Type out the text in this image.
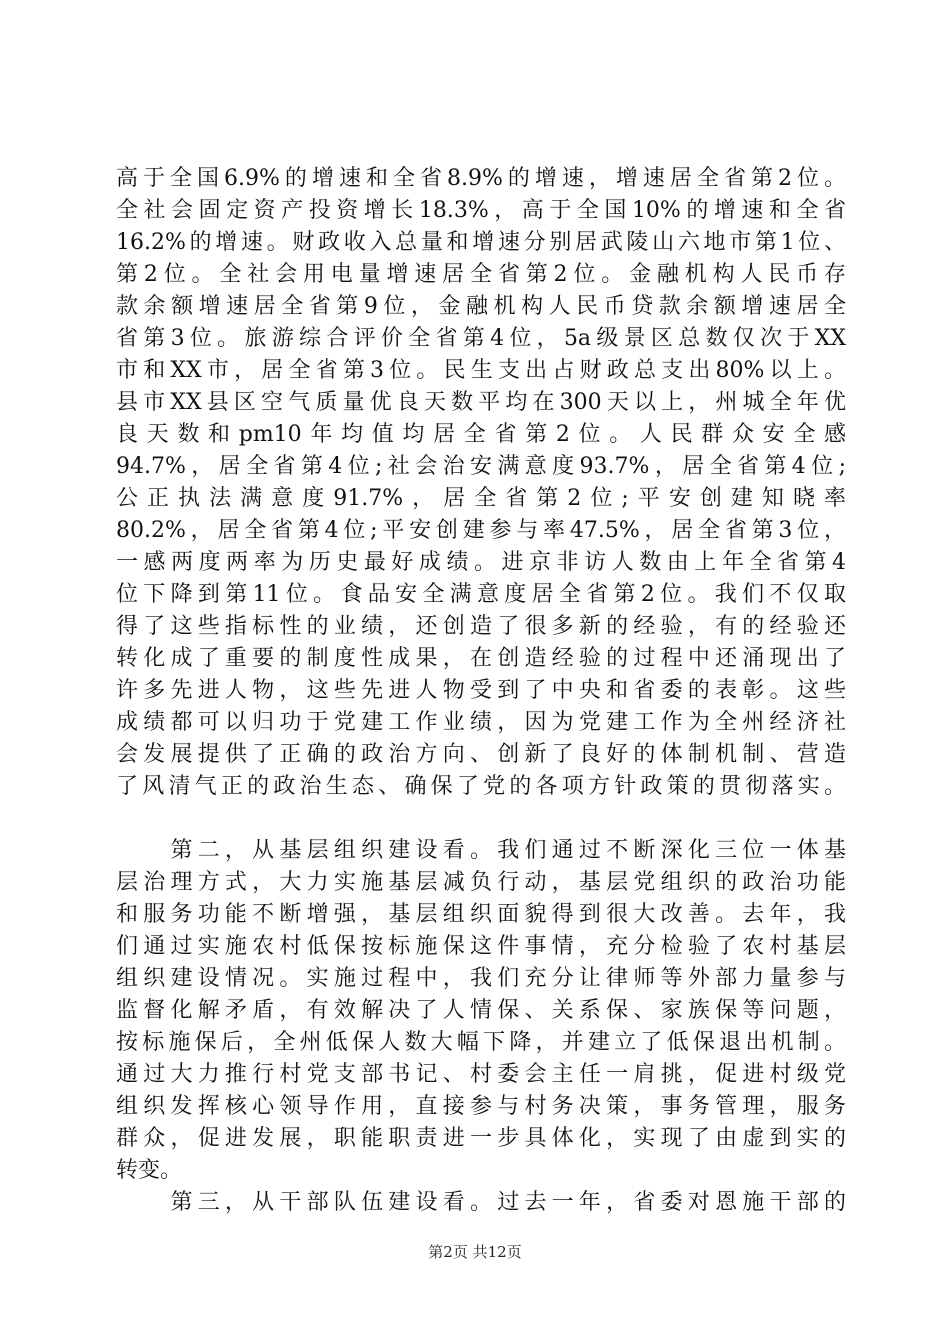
高于全国6.9%的增速和全省8.9%的增速，增速居全省第2位。
全社会固定资产投资增长18.3%，高于全国10%的增速和全省
16.2%的增速。财政收入总量和增速分别居武陵山六地市第1位、
第2位。全社会用电量增速居全省第2位。金融机构人民币存
款余额增速居全省第9位，金融机构人民币贷款余额增速居全
省第3位。旅游综合评价全省第4位，5a级景区总数仅次于XX
市和XX市，居全省第3位。民生支出占财政总支出80%以上。
县市XX县区空气质量优良天数平均在300天以上，州城全年优
良天数和pm10年均值均居全省第2位。人民群众安全感
94.7%，居全省第4位;社会治安满意度93.7%，居全省第4位;
公正执法满意度91.7%，居全省第2位;平安创建知晓率
80.2%，居全省第4位;平安创建参与率47.5%，居全省第3位，
一感两度两率为历史最好成绩。进京非访人数由上年全省第4
位下降到第11位。食品安全满意度居全省第2位。我们不仅取
得了这些指标性的业绩，还创造了很多新的经验，有的经验还
转化成了重要的制度性成果，在创造经验的过程中还涌现出了
许多先进人物，这些先进人物受到了中央和省委的表彰。这些
成绩都可以归功于党建工作业绩，因为党建工作为全州经济社
会发展提供了正确的政治方向、创新了良好的体制机制、营造
了风清气正的政治生态、确保了党的各项方针政策的贯彻落实。
　　第二，从基层组织建设看。我们通过不断深化三位一体基
层治理方式，大力实施基层减负行动，基层党组织的政治功能
和服务功能不断增强，基层组织面貌得到很大改善。去年，我
们通过实施农村低保按标施保这件事情，充分检验了农村基层
组织建设情况。实施过程中，我们充分让律师等外部力量参与
监督化解矛盾，有效解决了人情保、关系保、家族保等问题，
按标施保后，全州低保人数大幅下降，并建立了低保退出机制。
通过大力推行村党支部书记、村委会主任一肩挑，促进村级党
组织发挥核心领导作用，直接参与村务决策，事务管理，服务
群众，促进发展，职能职责进一步具体化，实现了由虚到实的
转变。
　　第三，从干部队伍建设看。过去一年，省委对恩施干部的
第2页 共12页
